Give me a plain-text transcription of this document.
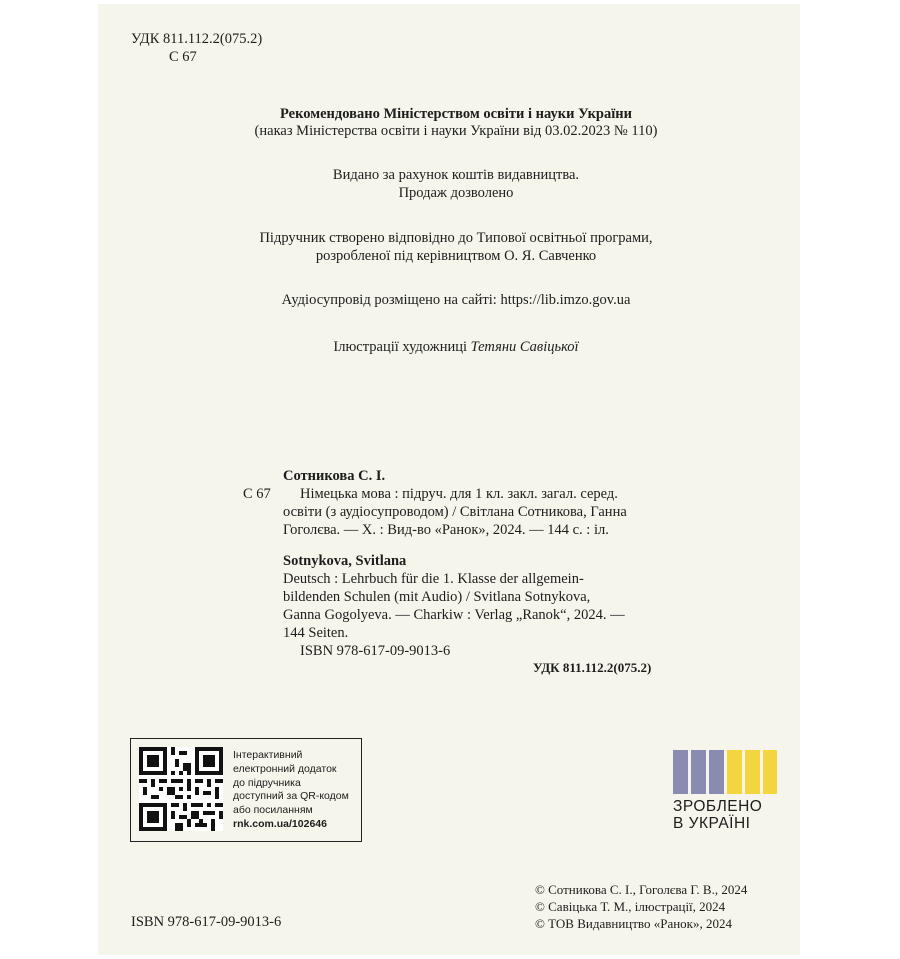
УДК 811.112.2(075.2)
С 67
Рекомендовано Міністерством освіти і науки України
(наказ Міністерства освіти і науки України від 03.02.2023 № 110)
Видано за рахунок коштів видавництва.
Продаж дозволено
Підручник створено відповідно до Типової освітньої програми,
розробленої під керівництвом О. Я. Савченко
Аудіосупровід розміщено на сайті: https://lib.imzo.gov.ua
Ілюстрації художниці Тетяни Савіцької
Сотникова С. І.
С 67 Німецька мова : підруч. для 1 кл. закл. загал. серед.
освіти (з аудіосупроводом) / Світлана Сотникова, Ганна
Гоголєва. — Х. : Вид-во «Ранок», 2024. — 144 с. : іл.
Sotnykova, Svitlana
Deutsch : Lehrbuch für die 1. Klasse der allgemein-
bildenden Schulen (mit Audio) / Svitlana Sotnykova,
Ganna Gogolyeva. — Charkiw : Verlag „Ranok“, 2024. —
144 Seiten.
ISBN 978-617-09-9013-6
УДК 811.112.2(075.2)
Інтерактивний
електронний додаток
до підручника
доступний за QR-кодом
або посиланням
rnk.com.ua/102646
ЗРОБЛЕНО
В УКРАЇНІ
ISBN 978-617-09-9013-6
© Сотникова С. І., Гоголєва Г. В., 2024
© Савіцька Т. М., ілюстрації, 2024
© ТОВ Видавництво «Ранок», 2024
